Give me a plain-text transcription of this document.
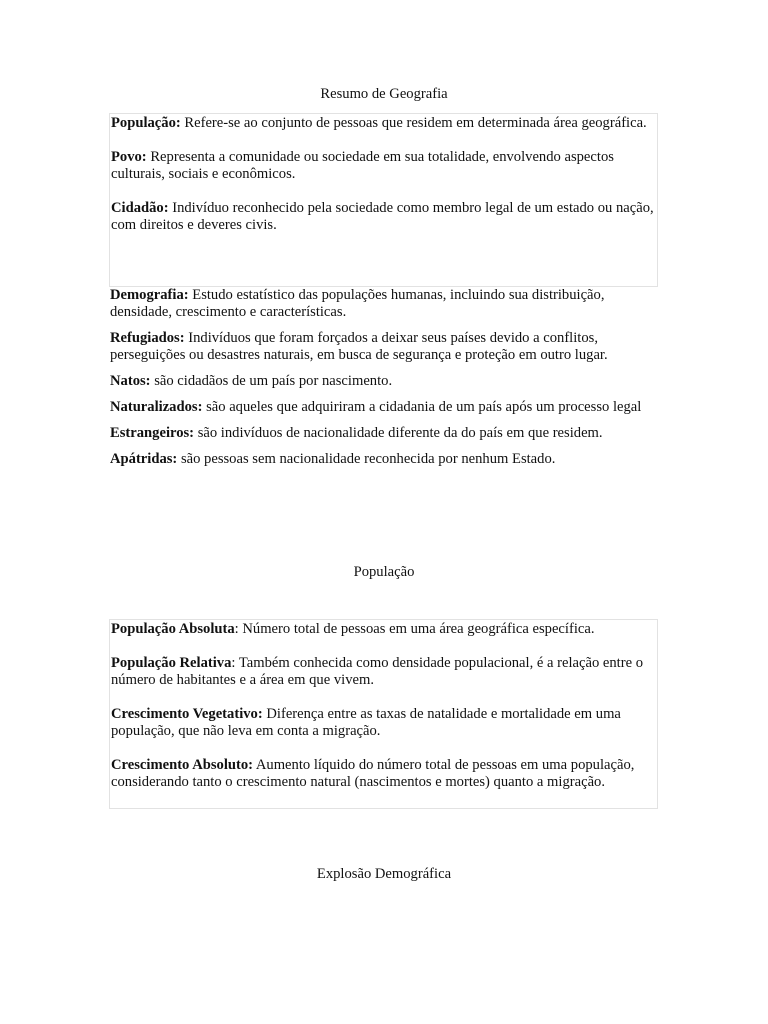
Resumo de Geografia

População: Refere-se ao conjunto de pessoas que residem em determinada área geográfica.

Povo: Representa a comunidade ou sociedade em sua totalidade, envolvendo aspectos culturais, sociais e econômicos.

Cidadão: Indivíduo reconhecido pela sociedade como membro legal de um estado ou nação, com direitos e deveres civis.

Demografia: Estudo estatístico das populações humanas, incluindo sua distribuição, densidade, crescimento e características.

Refugiados: Indivíduos que foram forçados a deixar seus países devido a conflitos, perseguições ou desastres naturais, em busca de segurança e proteção em outro lugar.

Natos: são cidadãos de um país por nascimento.

Naturalizados: são aqueles que adquiriram a cidadania de um país após um processo legal

Estrangeiros: são indivíduos de nacionalidade diferente da do país em que residem.

Apátridas: são pessoas sem nacionalidade reconhecida por nenhum Estado.

População

População Absoluta: Número total de pessoas em uma área geográfica específica.

População Relativa: Também conhecida como densidade populacional, é a relação entre o número de habitantes e a área em que vivem.

Crescimento Vegetativo: Diferença entre as taxas de natalidade e mortalidade em uma população, que não leva em conta a migração.

Crescimento Absoluto: Aumento líquido do número total de pessoas em uma população, considerando tanto o crescimento natural (nascimentos e mortes) quanto a migração.

Explosão Demográfica
